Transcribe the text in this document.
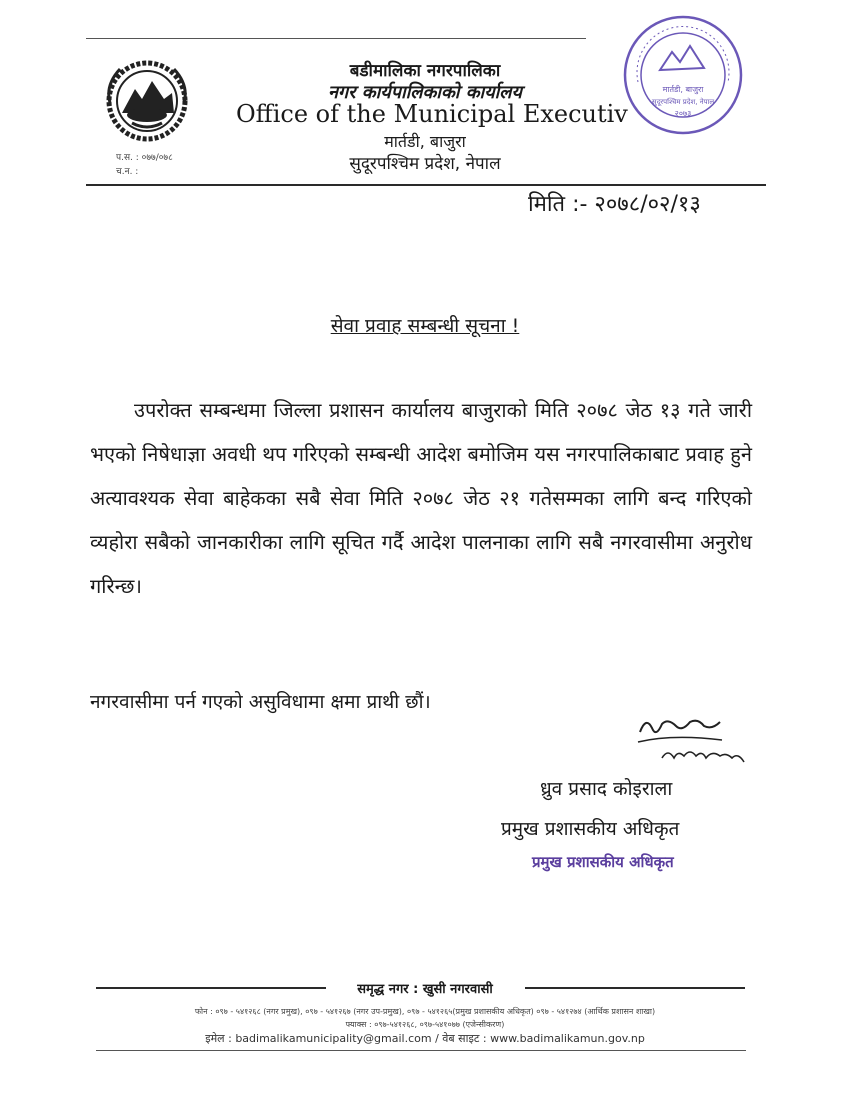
बडीमालिका नगरपालिका
नगर कार्यपालिकाको कार्यालय
Office of the Municipal Executiv
मार्तडी, बाजुरा
सुदूरपश्चिम प्रदेश, नेपाल
प.स. : ०७७/०७८
च.न. :
मार्तडी, बाजुरा
सुदूरपश्चिम प्रदेश, नेपाल
२०७३
मिति :- २०७८/०२/१३
सेवा प्रवाह सम्बन्धी सूचना !
उपरोक्त सम्बन्धमा जिल्ला प्रशासन कार्यालय बाजुराको मिति २०७८ जेठ १३ गते जारी भएको निषेधाज्ञा अवधी थप गरिएको सम्बन्धी आदेश बमोजिम यस नगरपालिकाबाट प्रवाह हुने अत्यावश्यक सेवा बाहेकका सबै सेवा मिति २०७८ जेठ २१ गतेसम्मका लागि बन्द गरिएको व्यहोरा सबैको जानकारीका लागि सूचित गर्दै आदेश पालनाका लागि सबै नगरवासीमा अनुरोध गरिन्छ।
नगरवासीमा पर्न गएको असुविधामा क्षमा प्राथी छौं।
ध्रुव प्रसाद कोइराला
प्रमुख प्रशासकीय अधिकृत
प्रमुख प्रशासकीय अधिकृत
समृद्ध नगर : खुसी नगरवासी
फोन : ०९७ - ५४१२६८ (नगर प्रमुख), ०९७ - ५४१२६७ (नगर उप-प्रमुख), ०९७ - ५४१२६५(प्रमुख प्रशासकीय अधिकृत) ०९७ - ५४१२७४ (आर्थिक प्रशासन शाखा)
फ्याक्स : ०९७-५४१२६८, ०९७-५४१०७७ (एजेन्सीकरण)
इमेल : badimalikamunicipality@gmail.com / वेब साइट : www.badimalikamun.gov.np
